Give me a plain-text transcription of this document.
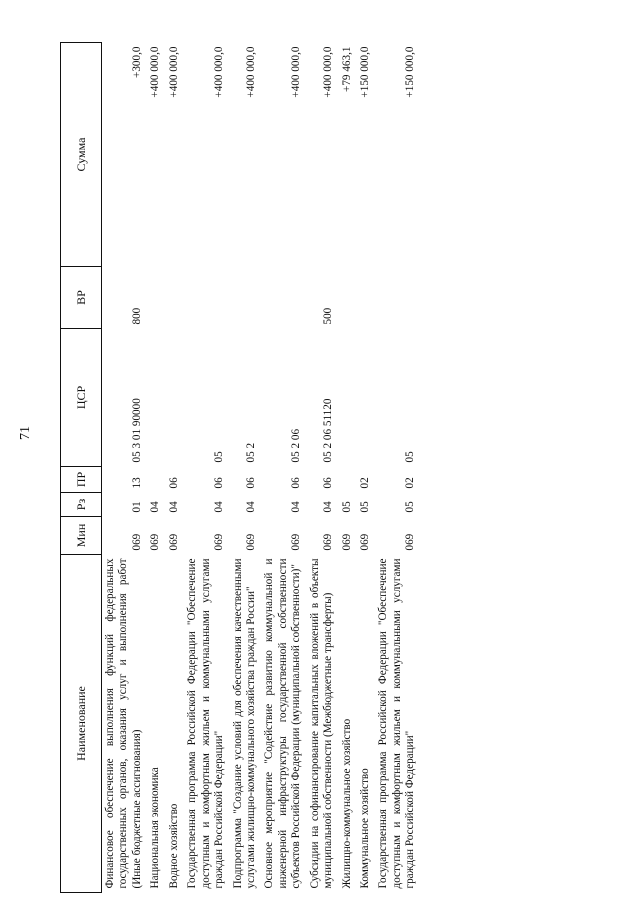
71
Наименование	Мин	Рз	ПР	ЦСР	ВР	Сумма
Финансовое обеспечение выполнения функций федеральных государственных органов, оказания услуг и выполнения работ (Иные бюджетные ассигнования)	069	01	13	05 3 01 90000	800	+300,0
Национальная экономика	069	04				+400 000,0
Водное хозяйство	069	04	06			+400 000,0
Государственная программа Российской Федерации "Обеспечение доступным и комфортным жильем и коммунальными услугами граждан Российской Федерации"	069	04	06	05		+400 000,0
Подпрограмма "Создание условий для обеспечения качественными услугами жилищно-коммунального хозяйства граждан России"	069	04	06	05 2		+400 000,0
Основное мероприятие "Содействие развитию коммунальной и инженерной инфраструктуры государственной собственности субъектов Российской Федерации (муниципальной собственности)"	069	04	06	05 2 06		+400 000,0
Субсидии на софинансирование капитальных вложений в объекты муниципальной собственности (Межбюджетные трансферты)	069	04	06	05 2 06 51120	500	+400 000,0
Жилищно-коммунальное хозяйство	069	05				+79 463,1
Коммунальное хозяйство	069	05	02			+150 000,0
Государственная программа Российской Федерации "Обеспечение доступным и комфортным жильем и коммунальными услугами граждан Российской Федерации"	069	05	02	05		+150 000,0
